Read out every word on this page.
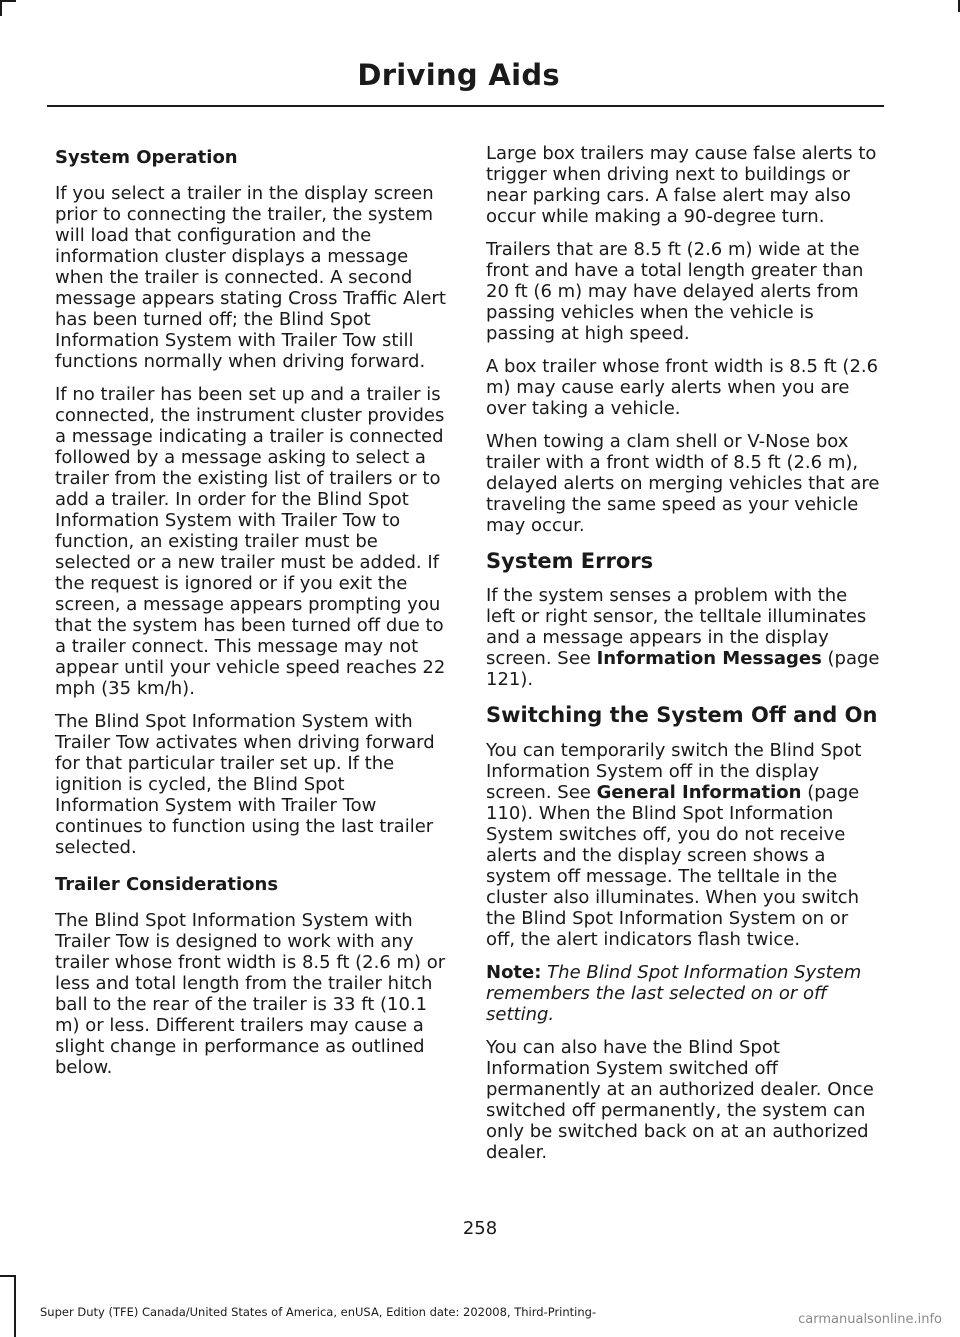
Driving Aids
System Operation

If you select a trailer in the display screen prior to connecting the trailer, the system will load that configuration and the information cluster displays a message when the trailer is connected. A second message appears stating Cross Traffic Alert has been turned off; the Blind Spot Information System with Trailer Tow still functions normally when driving forward.

If no trailer has been set up and a trailer is connected, the instrument cluster provides a message indicating a trailer is connected followed by a message asking to select a trailer from the existing list of trailers or to add a trailer. In order for the Blind Spot Information System with Trailer Tow to function, an existing trailer must be selected or a new trailer must be added. If the request is ignored or if you exit the screen, a message appears prompting you that the system has been turned off due to a trailer connect. This message may not appear until your vehicle speed reaches 22 mph (35 km/h).

The Blind Spot Information System with Trailer Tow activates when driving forward for that particular trailer set up. If the ignition is cycled, the Blind Spot Information System with Trailer Tow continues to function using the last trailer selected.

Trailer Considerations

The Blind Spot Information System with Trailer Tow is designed to work with any trailer whose front width is 8.5 ft (2.6 m) or less and total length from the trailer hitch ball to the rear of the trailer is 33 ft (10.1 m) or less. Different trailers may cause a slight change in performance as outlined below.

Large box trailers may cause false alerts to trigger when driving next to buildings or near parking cars. A false alert may also occur while making a 90-degree turn.

Trailers that are 8.5 ft (2.6 m) wide at the front and have a total length greater than 20 ft (6 m) may have delayed alerts from passing vehicles when the vehicle is passing at high speed.

A box trailer whose front width is 8.5 ft (2.6 m) may cause early alerts when you are over taking a vehicle.

When towing a clam shell or V-Nose box trailer with a front width of 8.5 ft (2.6 m), delayed alerts on merging vehicles that are traveling the same speed as your vehicle may occur.

System Errors

If the system senses a problem with the left or right sensor, the telltale illuminates and a message appears in the display screen. See Information Messages (page 121).

Switching the System Off and On

You can temporarily switch the Blind Spot Information System off in the display screen. See General Information (page 110). When the Blind Spot Information System switches off, you do not receive alerts and the display screen shows a system off message. The telltale in the cluster also illuminates. When you switch the Blind Spot Information System on or off, the alert indicators flash twice.

Note: The Blind Spot Information System remembers the last selected on or off setting.

You can also have the Blind Spot Information System switched off permanently at an authorized dealer. Once switched off permanently, the system can only be switched back on at an authorized dealer.

258
Super Duty (TFE) Canada/United States of America, enUSA, Edition date: 202008, Third-Printing-	carmanualsonline.info
